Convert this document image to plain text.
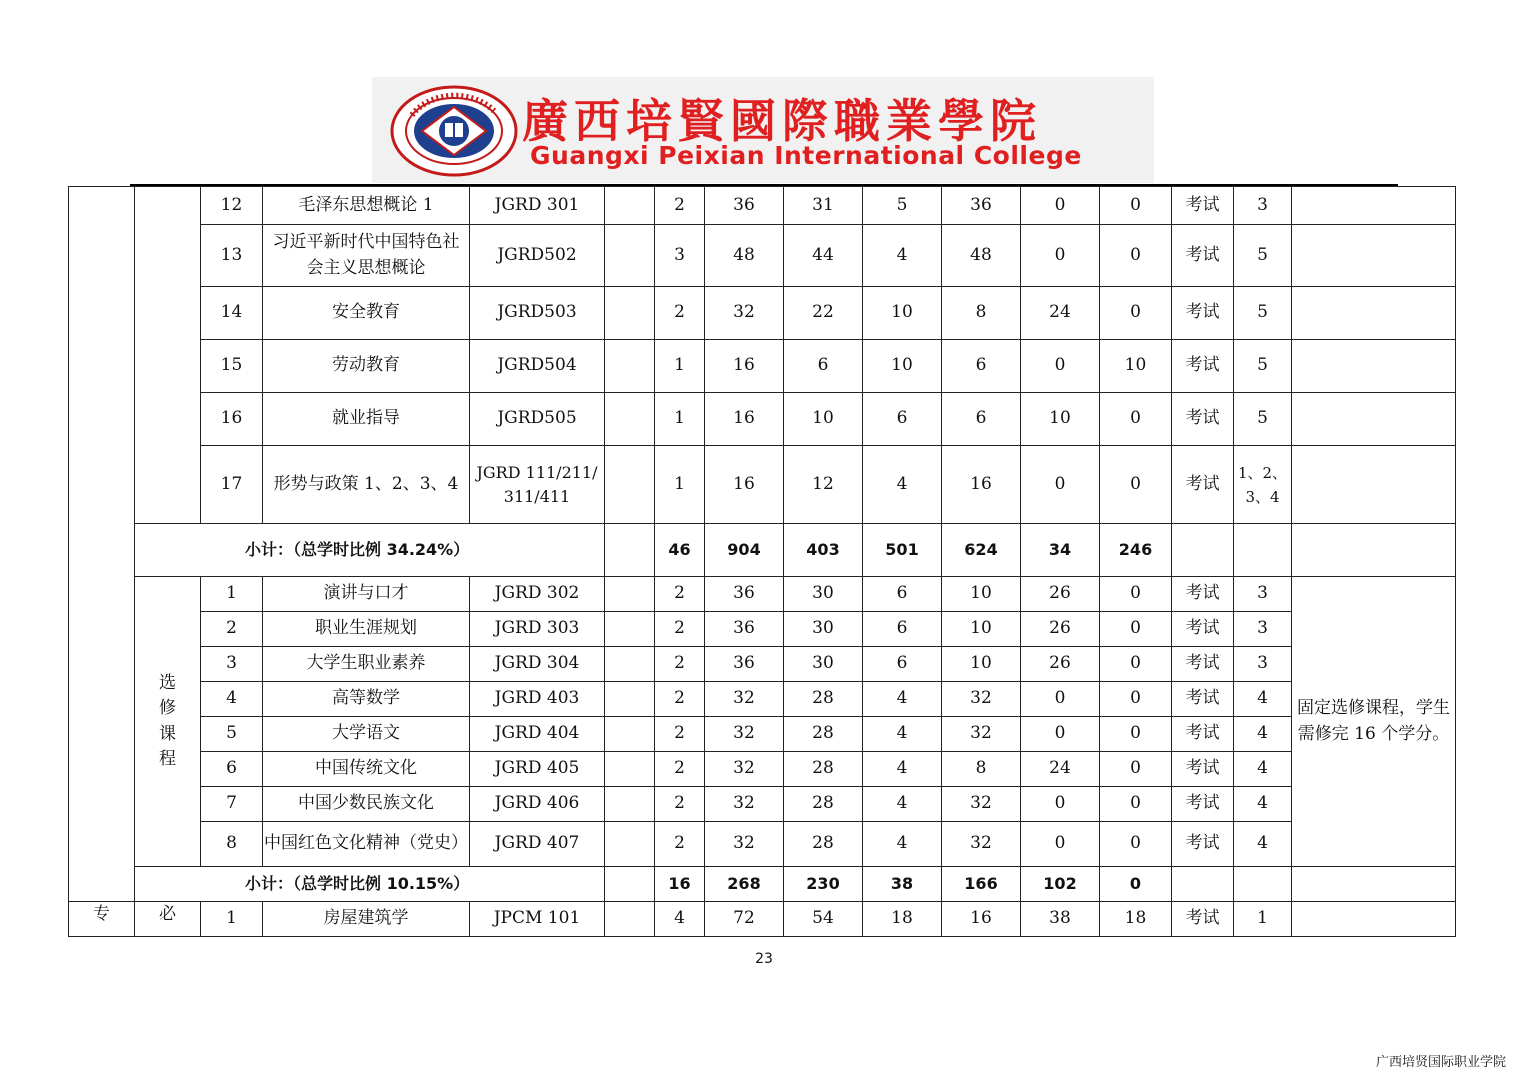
廣西培賢國際職業學院
Guangxi Peixian International College
		12	毛泽东思想概论 1	JGRD 301		2	36	31	5	36	0	0	考试	3	
		13	习近平新时代中国特色社会主义思想概论	JGRD502		3	48	44	4	48	0	0	考试	5	
		14	安全教育	JGRD503		2	32	22	10	8	24	0	考试	5	
		15	劳动教育	JGRD504		1	16	6	10	6	0	10	考试	5	
		16	就业指导	JGRD505		1	16	10	6	6	10	0	考试	5	
		17	形势与政策 1、2、3、4	JGRD 111/211/311/411		1	16	12	4	16	0	0	考试	1、2、3、4	
	小计：（总学时比例 34.24%）					46	904	403	501	624	34	246			
	选
修
课
程	1	演讲与口才	JGRD 302		2	36	30	6	10	26	0	考试	3	固定选修课程，学生需修完 16 个学分。
		2	职业生涯规划	JGRD 303		2	36	30	6	10	26	0	考试	3	
		3	大学生职业素养	JGRD 304		2	36	30	6	10	26	0	考试	3	
		4	高等数学	JGRD 403		2	32	28	4	32	0	0	考试	4	
		5	大学语文	JGRD 404		2	32	28	4	32	0	0	考试	4	
		6	中国传统文化	JGRD 405		2	32	28	4	8	24	0	考试	4	
		7	中国少数民族文化	JGRD 406		2	32	28	4	32	0	0	考试	4	
		8	中国红色文化精神（党史）	JGRD 407		2	32	28	4	32	0	0	考试	4	
	小计：（总学时比例 10.15%）					16	268	230	38	166	102	0			
专	必	1	房屋建筑学	JPCM 101		4	72	54	18	16	38	18	考试	1	
23
广西培贤国际职业学院
